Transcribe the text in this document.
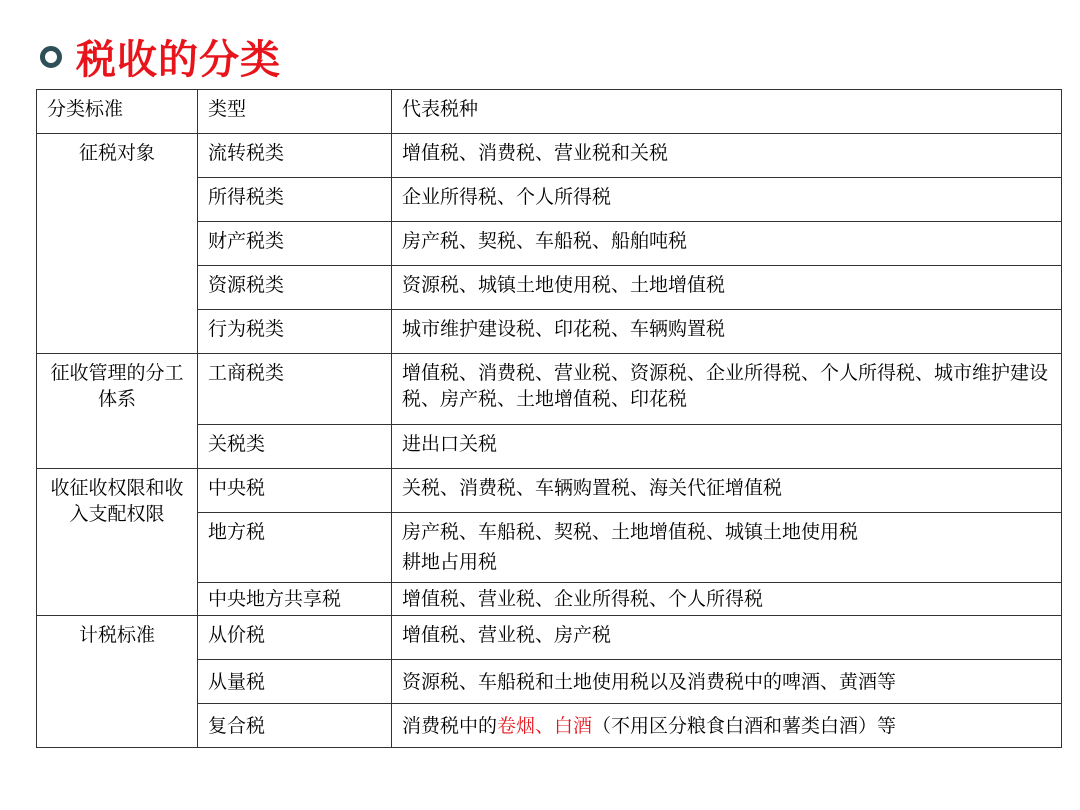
税收的分类
分类标准	类型	代表税种
征税对象	流转税类	增值税、消费税、营业税和关税
	所得税类	企业所得税、个人所得税
	财产税类	房产税、契税、车船税、船舶吨税
	资源税类	资源税、城镇土地使用税、土地增值税
	行为税类	城市维护建设税、印花税、车辆购置税
征收管理的分工体系	工商税类	增值税、消费税、营业税、资源税、企业所得税、个人所得税、城市维护建设税、房产税、土地增值税、印花税
	关税类	进出口关税
收征收权限和收入支配权限	中央税	关税、消费税、车辆购置税、海关代征增值税
	地方税	房产税、车船税、契税、土地增值税、城镇土地使用税
耕地占用税

	中央地方共享税	增值税、营业税、企业所得税、个人所得税
计税标准	从价税	增值税、营业税、房产税
	从量税	资源税、车船税和土地使用税以及消费税中的啤酒、黄酒等
	复合税	消费税中的卷烟、白酒（不用区分粮食白酒和薯类白酒）等
